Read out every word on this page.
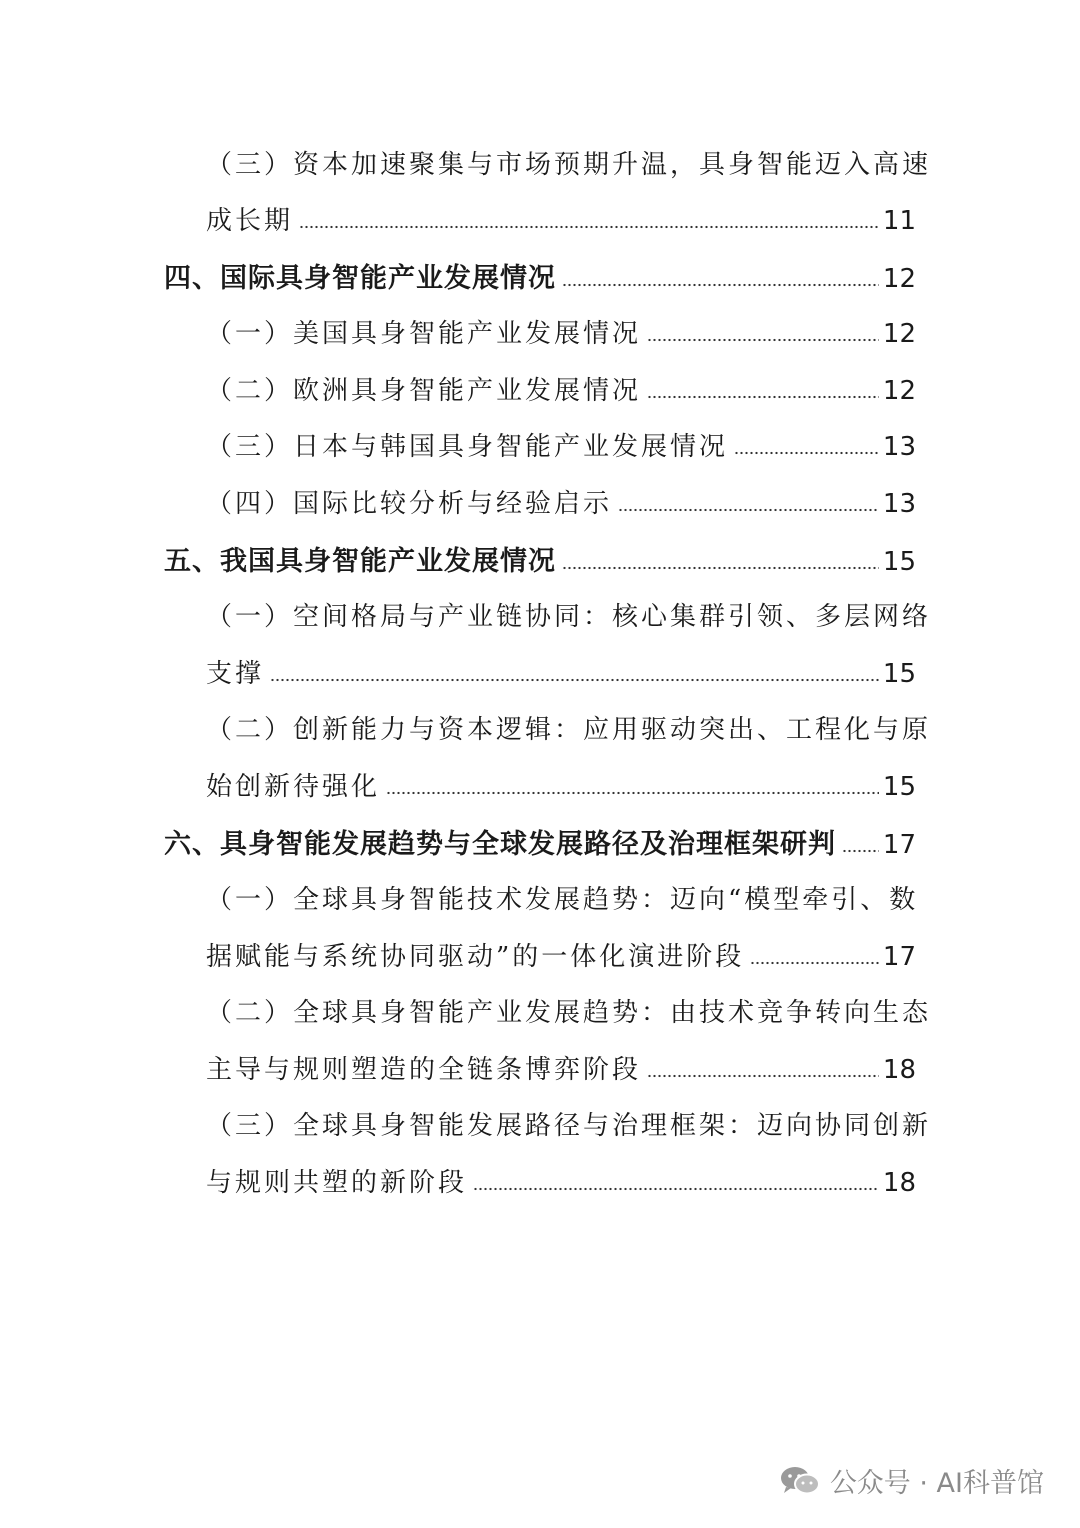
（三）资本加速聚集与市场预期升温，具身智能迈入高速
成长期	11
四、国际具身智能产业发展情况	12
（一）美国具身智能产业发展情况	12
（二）欧洲具身智能产业发展情况	12
（三）日本与韩国具身智能产业发展情况	13
（四）国际比较分析与经验启示	13
五、我国具身智能产业发展情况	15
（一）空间格局与产业链协同：核心集群引领、多层网络
支撑	15
（二）创新能力与资本逻辑：应用驱动突出、工程化与原
始创新待强化	15
六、具身智能发展趋势与全球发展路径及治理框架研判 17
（一）全球具身智能技术发展趋势：迈向“模型牵引、数
据赋能与系统协同驱动”的一体化演进阶段	17
（二）全球具身智能产业发展趋势：由技术竞争转向生态
主导与规则塑造的全链条博弈阶段	18
（三）全球具身智能发展路径与治理框架：迈向协同创新
与规则共塑的新阶段	18
公众号 · AI科普馆
